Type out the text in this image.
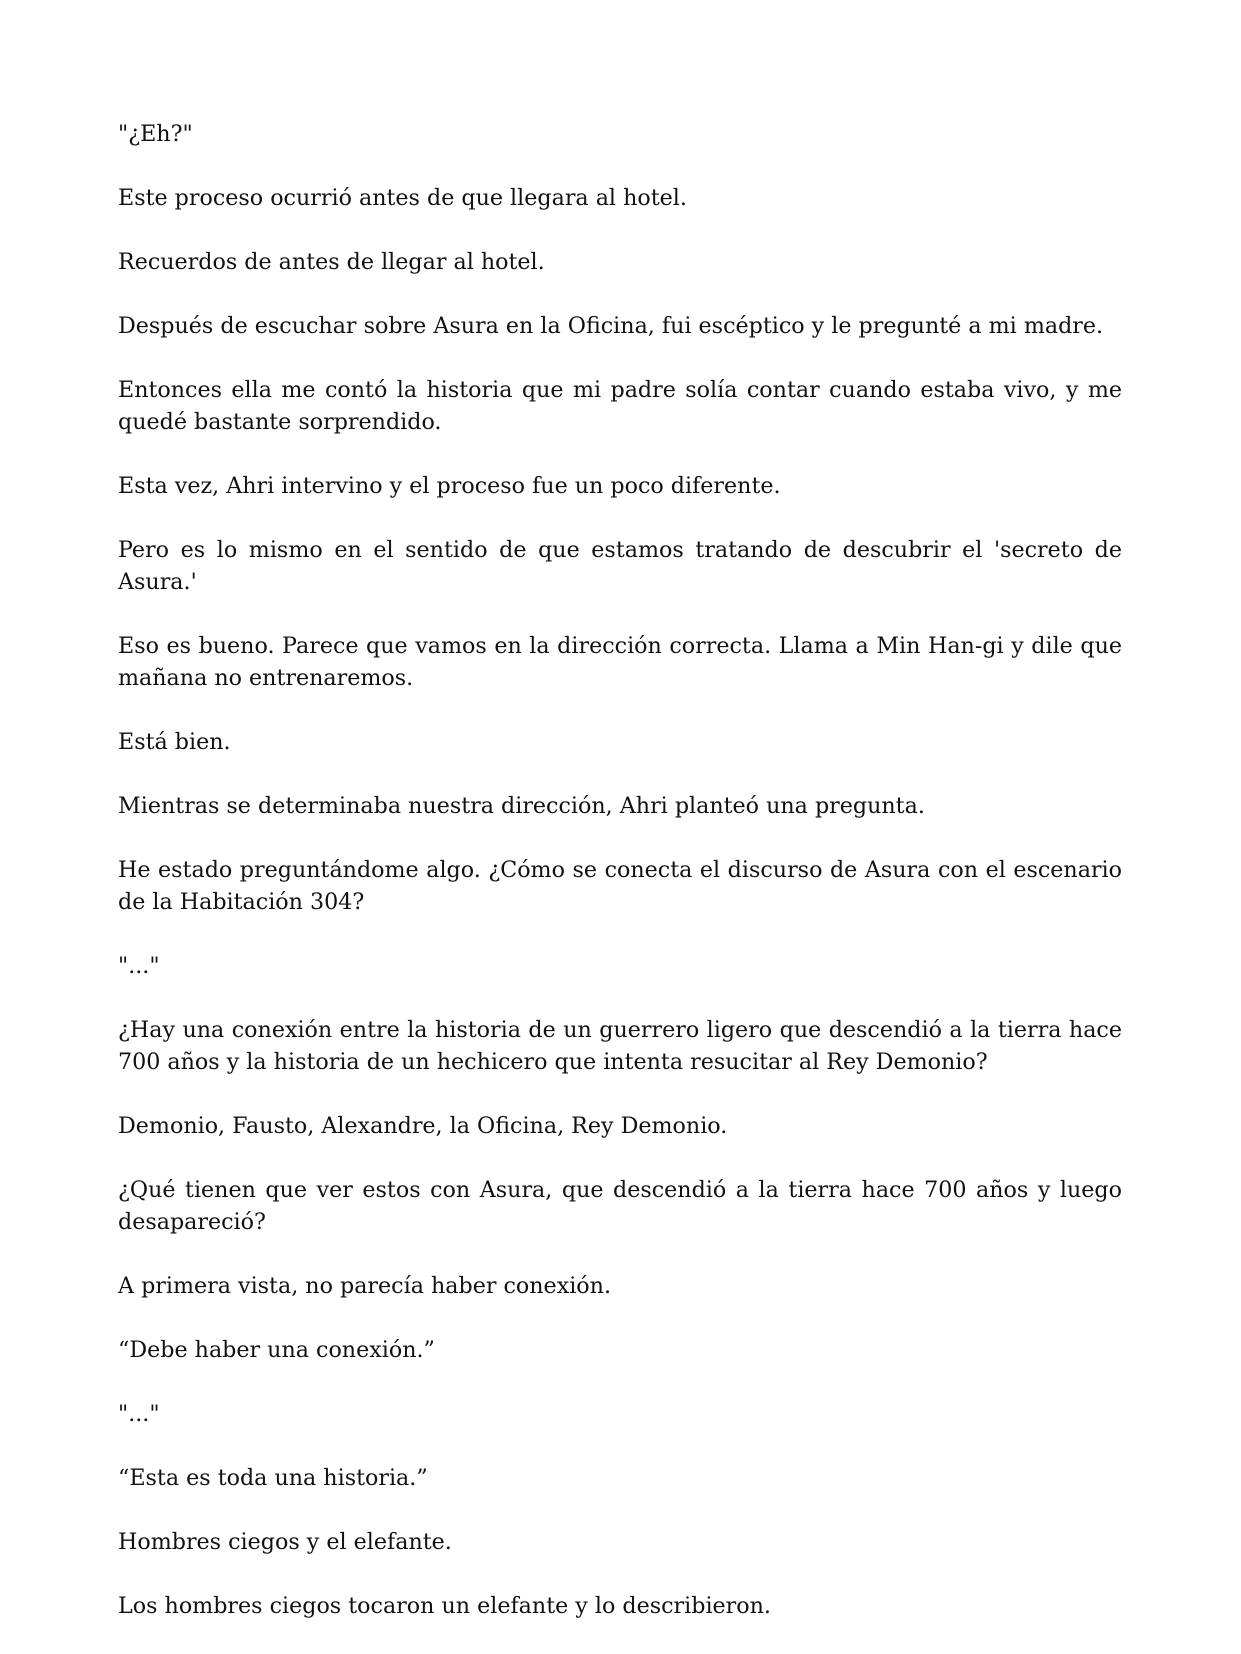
"¿Eh?"

Este proceso ocurrió antes de que llegara al hotel.

Recuerdos de antes de llegar al hotel.

Después de escuchar sobre Asura en la Oficina, fui escéptico y le pregunté a mi madre.

Entonces ella me contó la historia que mi padre solía contar cuando estaba vivo, y me quedé bastante sorprendido.

Esta vez, Ahri intervino y el proceso fue un poco diferente.

Pero es lo mismo en el sentido de que estamos tratando de descubrir el 'secreto de Asura.'

Eso es bueno. Parece que vamos en la dirección correcta. Llama a Min Han-gi y dile que mañana no entrenaremos.

Está bien.

Mientras se determinaba nuestra dirección, Ahri planteó una pregunta.

He estado preguntándome algo. ¿Cómo se conecta el discurso de Asura con el escenario de la Habitación 304?

"..."

¿Hay una conexión entre la historia de un guerrero ligero que descendió a la tierra hace 700 años y la historia de un hechicero que intenta resucitar al Rey Demonio?

Demonio, Fausto, Alexandre, la Oficina, Rey Demonio.

¿Qué tienen que ver estos con Asura, que descendió a la tierra hace 700 años y luego desapareció?

A primera vista, no parecía haber conexión.

“Debe haber una conexión.”

"..."

“Esta es toda una historia.”

Hombres ciegos y el elefante.

Los hombres ciegos tocaron un elefante y lo describieron.
